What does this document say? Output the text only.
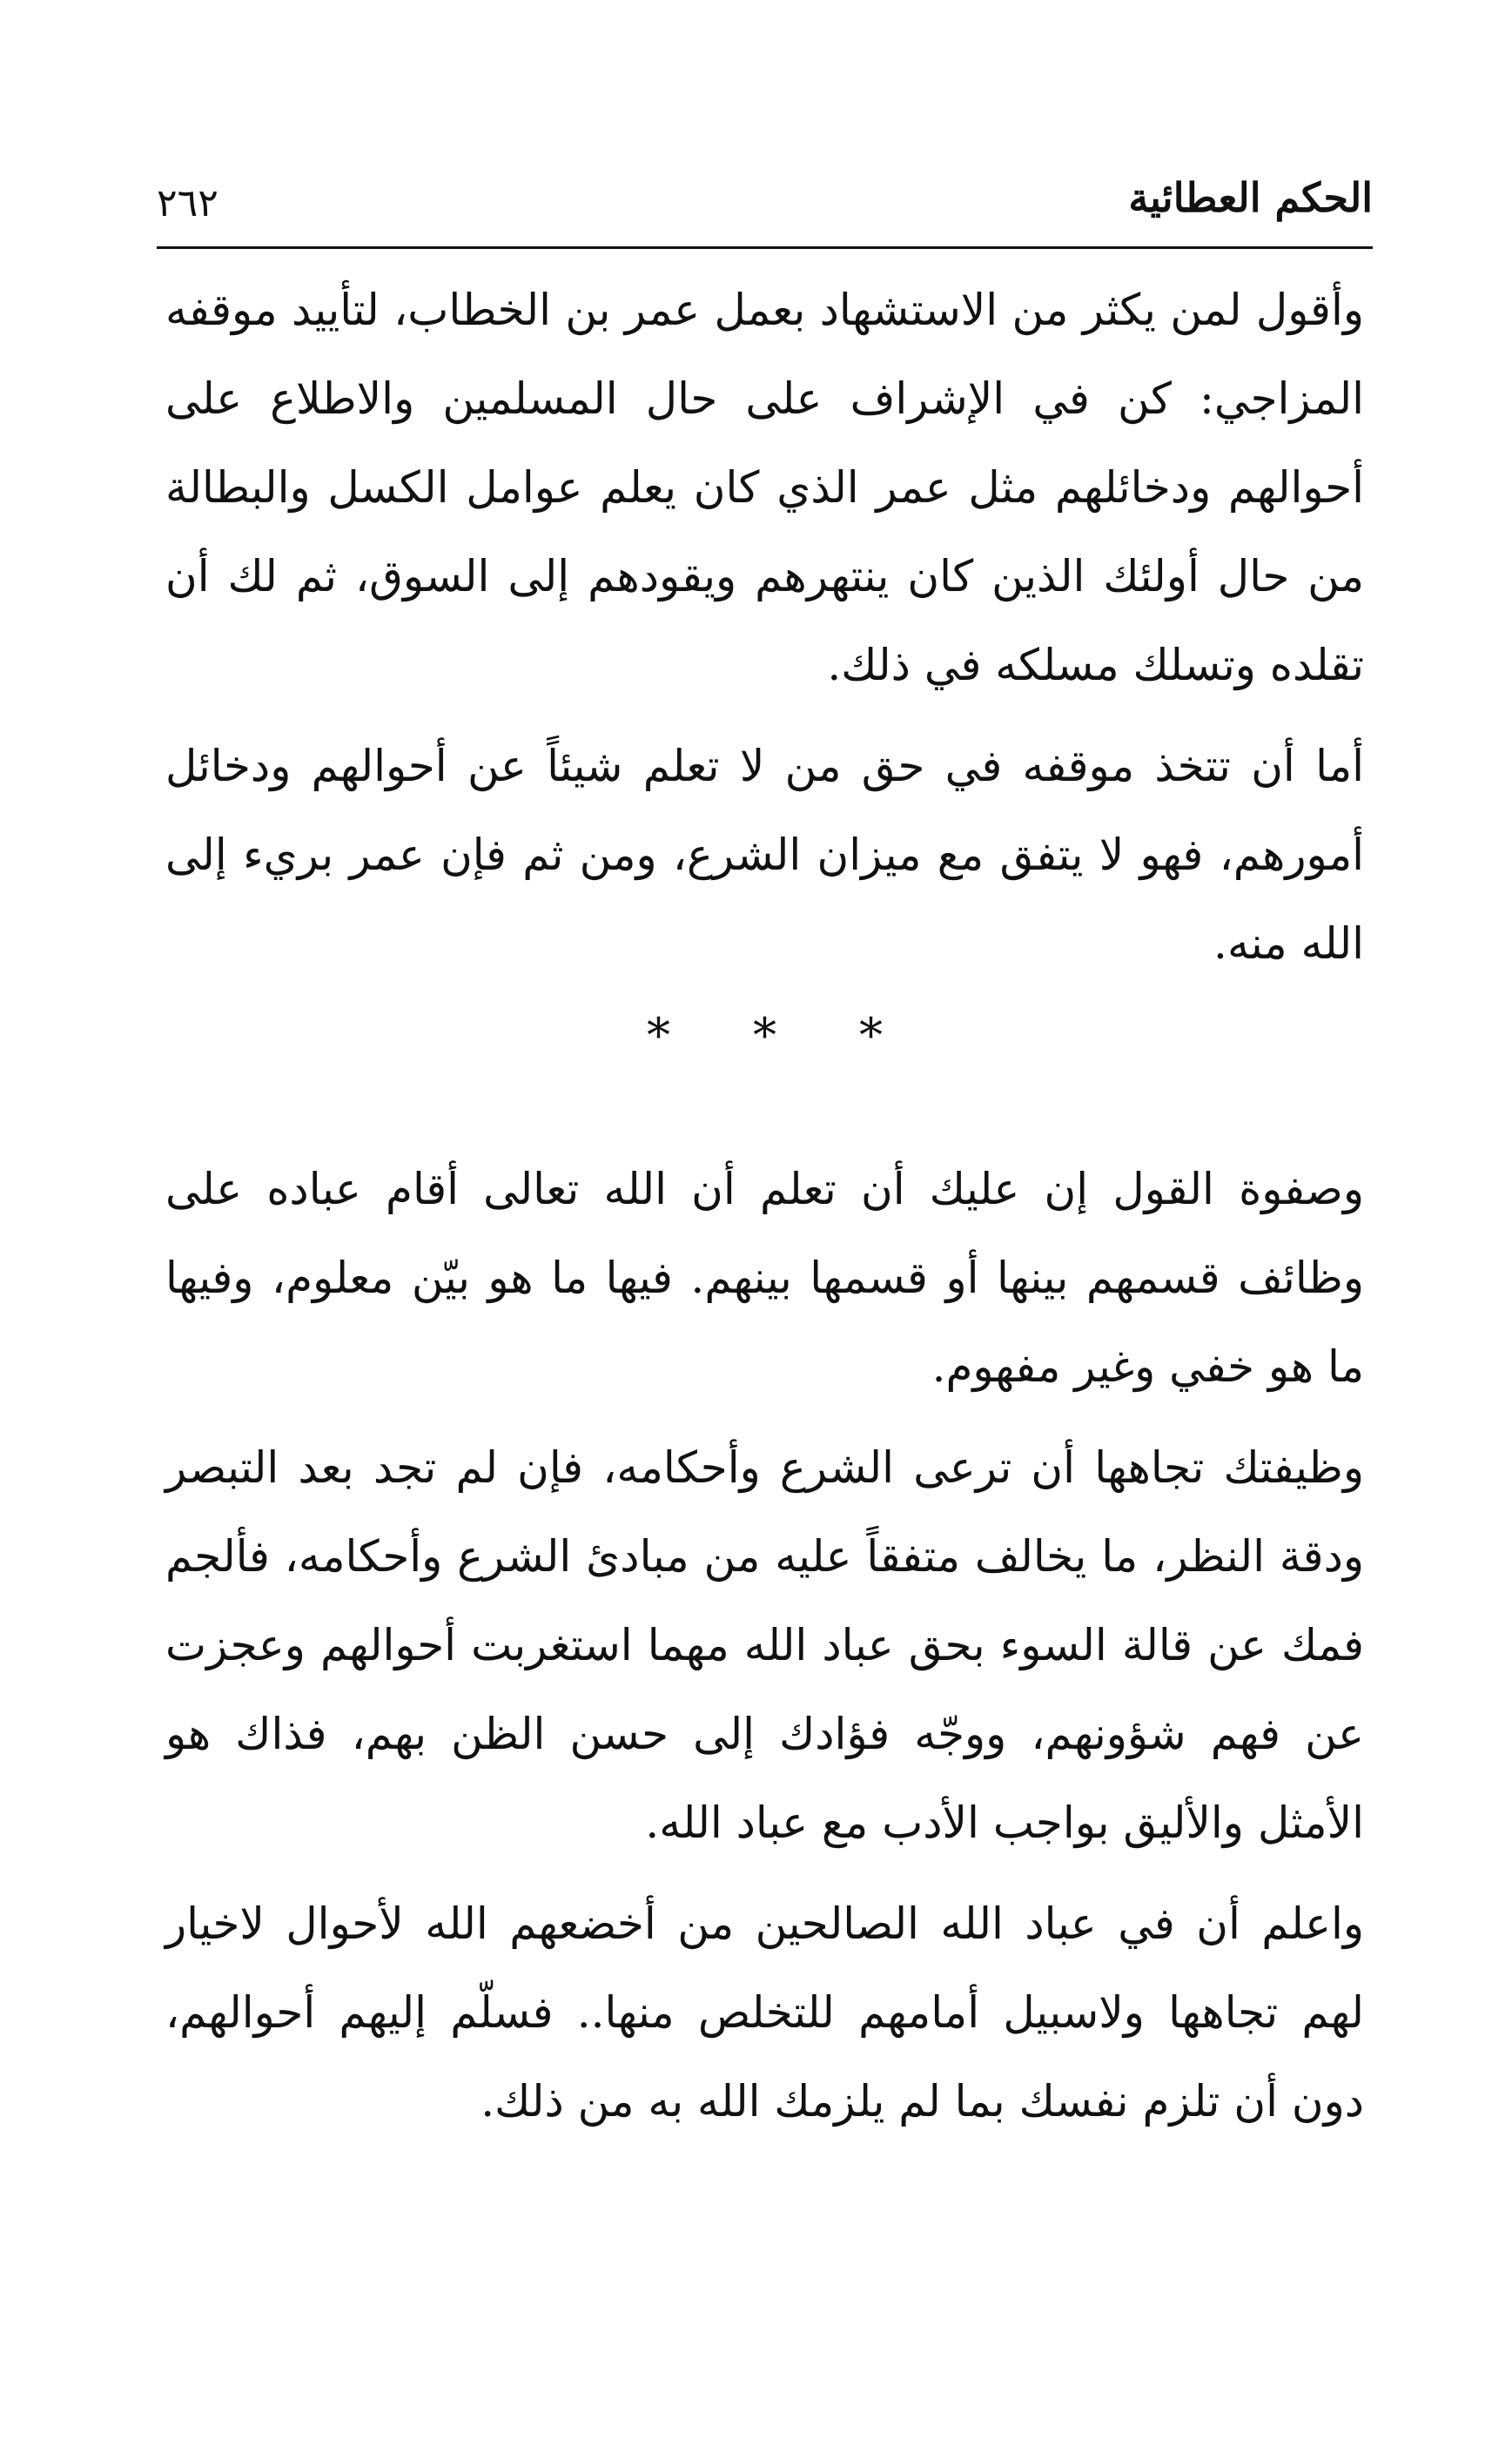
الحكم العطائية
٢٦٢

وأقول لمن يكثر من الاستشهاد بعمل عمر بن الخطاب، لتأييد موقفه المزاجي: كن في الإشراف على حال المسلمين والاطلاع على أحوالهم ودخائلهم مثل عمر الذي كان يعلم عوامل الكسل والبطالة من حال أولئك الذين كان ينتهرهم ويقودهم إلى السوق، ثم لك أن تقلده وتسلك مسلكه في ذلك.

أما أن تتخذ موقفه في حق من لا تعلم شيئاً عن أحوالهم ودخائل أمورهم، فهو لا يتفق مع ميزان الشرع، ومن ثم فإن عمر بريء إلى الله منه.

* * *

وصفوة القول إن عليك أن تعلم أن الله تعالى أقام عباده على وظائف قسمهم بينها أو قسمها بينهم. فيها ما هو بيّن معلوم، وفيها ما هو خفي وغير مفهوم.

وظيفتك تجاهها أن ترعى الشرع وأحكامه، فإن لم تجد بعد التبصر ودقة النظر، ما يخالف متفقاً عليه من مبادئ الشرع وأحكامه، فألجم فمك عن قالة السوء بحق عباد الله مهما استغربت أحوالهم وعجزت عن فهم شؤونهم، ووجّه فؤادك إلى حسن الظن بهم، فذاك هو الأمثل والأليق بواجب الأدب مع عباد الله.

واعلم أن في عباد الله الصالحين من أخضعهم الله لأحوال لاخيار لهم تجاهها ولاسبيل أمامهم للتخلص منها.. فسلّم إليهم أحوالهم، دون أن تلزم نفسك بما لم يلزمك الله به من ذلك.
